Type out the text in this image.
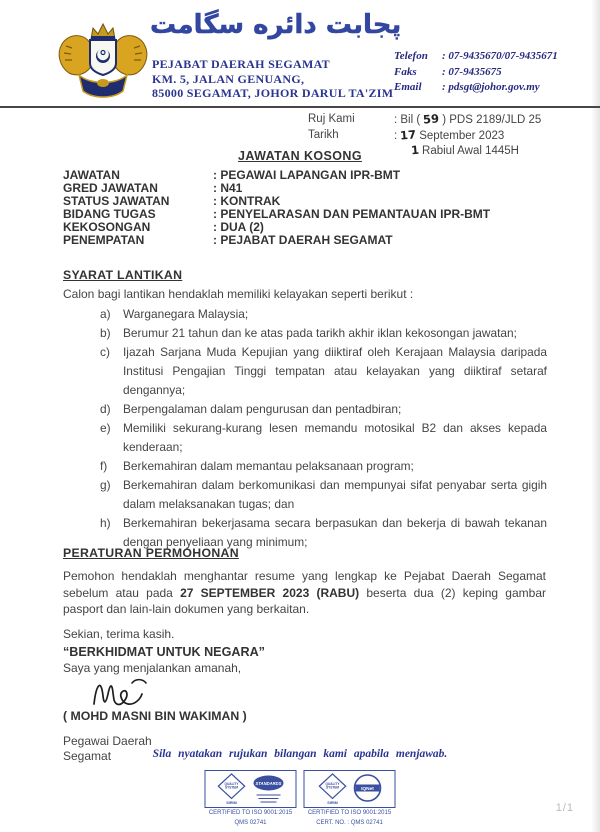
پجابت دائره سگامت
PEJABAT DAERAH SEGAMAT
KM. 5, JALAN GENUANG,
85000 SEGAMAT, JOHOR DARUL TA'ZIM
Telefon	: 07-9435670/07-9435671
Faks	: 07-9435675
Email	: pdsgt@johor.gov.my
Ruj Kami	: Bil ( 59 ) PDS 2189/JLD 25
Tarikh	: 17 September 2023
1 Rabiul Awal 1445H
JAWATAN KOSONG
JAWATAN	: PEGAWAI LAPANGAN IPR-BMT
GRED JAWATAN	: N41
STATUS JAWATAN	: KONTRAK
BIDANG TUGAS	: PENYELARASAN DAN PEMANTAUAN IPR-BMT
KEKOSONGAN	: DUA (2)
PENEMPATAN	: PEJABAT DAERAH SEGAMAT
SYARAT LANTIKAN
Calon bagi lantikan hendaklah memiliki kelayakan seperti berikut :
a)	Warganegara Malaysia;
b)	Berumur 21 tahun dan ke atas pada tarikh akhir iklan kekosongan jawatan;
c)	Ijazah Sarjana Muda Kepujian yang diiktiraf oleh Kerajaan Malaysia daripada Institusi Pengajian Tinggi tempatan atau kelayakan yang diiktiraf setaraf dengannya;
d)	Berpengalaman dalam pengurusan dan pentadbiran;
e)	Memiliki sekurang-kurang lesen memandu motosikal B2 dan akses kepada kenderaan;
f)	Berkemahiran dalam memantau pelaksanaan program;
g)	Berkemahiran dalam berkomunikasi dan mempunyai sifat penyabar serta gigih dalam melaksanakan tugas; dan
h)	Berkemahiran bekerjasama secara berpasukan dan bekerja di bawah tekanan dengan penyeliaan yang minimum;
PERATURAN PERMOHONAN
Pemohon hendaklah menghantar resume yang lengkap ke Pejabat Daerah Segamat sebelum atau pada 27 SEPTEMBER 2023 (RABU) beserta dua (2) keping gambar pasport dan lain-lain dokumen yang berkaitan.
Sekian, terima kasih.
“BERKHIDMAT UNTUK NEGARA”
Saya yang menjalankan amanah,
( MOHD MASNI BIN WAKIMAN )
Pegawai Daerah
Segamat	Sila nyatakan rujukan bilangan kami apabila menjawab.
QUALITY
SYSTEM
SIRIM
STANDARDS
CERTIFIED TO ISO 9001:2015
QMS 02741
QUALITY
SYSTEM
SIRIM
IQNet
CERTIFIED TO ISO 9001:2015
CERT. NO. : QMS 02741
1/1
